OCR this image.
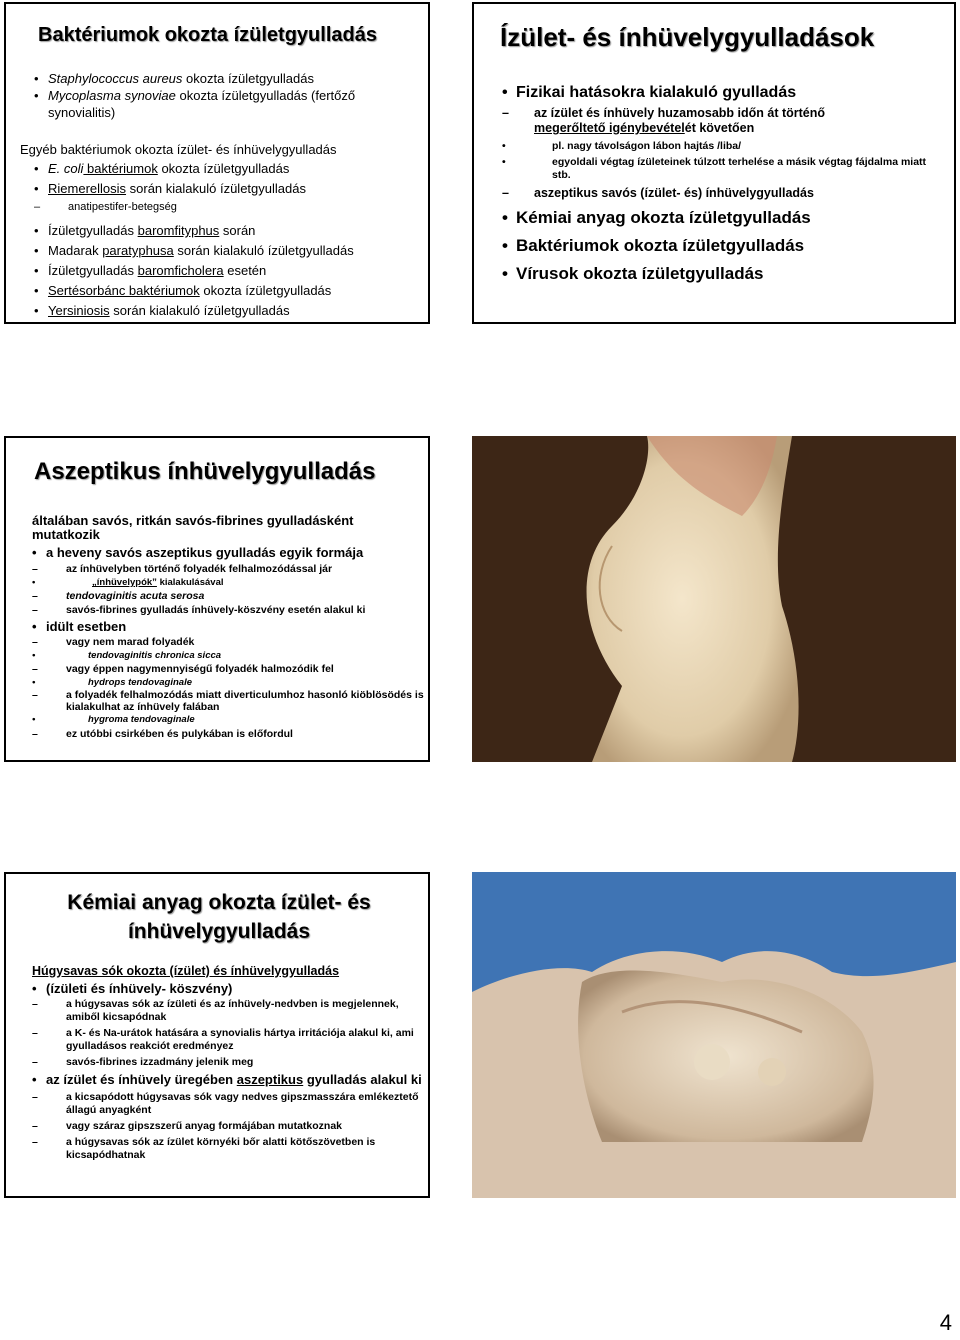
Baktériumok okozta ízületgyulladás
• Staphylococcus aureus okozta ízületgyulladás
• Mycoplasma synoviae okozta ízületgyulladás (fertőző synovialitis)
Egyéb baktériumok okozta ízület- és ínhüvelygyulladás
• E. coli baktériumok okozta ízületgyulladás
• Riemerellosis során kialakuló ízületgyulladás
– anatipestifer-betegség
• Ízületgyulladás baromfityphus során
• Madarak paratyphusa során kialakuló ízületgyulladás
• Ízületgyulladás baromficholera esetén
• Sertésorbánc baktériumok okozta ízületgyulladás
• Yersiniosis során kialakuló ízületgyulladás
Ízület- és ínhüvelygyulladások
• Fizikai hatásokra kialakuló gyulladás
– az ízület és ínhüvely huzamosabb időn át történő
megerőltető igénybevételét követően
• pl. nagy távolságon lábon hajtás /liba/
• egyoldali végtag ízületeinek túlzott terhelése a másik végtag fájdalma miatt stb.
– aszeptikus savós (ízület- és) ínhüvelygyulladás
• Kémiai anyag okozta ízületgyulladás
• Baktériumok okozta ízületgyulladás
• Vírusok okozta ízületgyulladás
Aszeptikus ínhüvelygyulladás
általában savós, ritkán savós-fibrines gyulladásként mutatkozik
• a heveny savós aszeptikus gyulladás egyik formája
– az ínhüvelyben történő folyadék felhalmozódással jár
• „ínhüvelypók” kialakulásával
– tendovaginitis acuta serosa
– savós-fibrines gyulladás ínhüvely-köszvény esetén alakul ki
• idült esetben
– vagy nem marad folyadék
• tendovaginitis chronica sicca
– vagy éppen nagymennyiségű folyadék halmozódik fel
• hydrops tendovaginale
– a folyadék felhalmozódás miatt diverticulumhoz hasonló kiöblösödés is kialakulhat az ínhüvely falában
• hygroma tendovaginale
– ez utóbbi csirkében és pulykában is előfordul
Kémiai anyag okozta ízület- és ínhüvelygyulladás
Húgysavas sók okozta (ízület) és ínhüvelygyulladás
• (ízületi és ínhüvely- köszvény)
– a húgysavas sók az ízületi és az ínhüvely-nedvben is megjelennek, amiből kicsapódnak
– a K- és Na-urátok hatására a synovialis hártya irritációja alakul ki, ami gyulladásos reakciót eredményez
– savós-fibrines izzadmány jelenik meg
• az ízület és ínhüvely üregében aszeptikus gyulladás alakul ki
– a kicsapódott húgysavas sók vagy nedves gipszmasszára emlékeztető állagú anyagként
– vagy száraz gipszszerű anyag formájában mutatkoznak
– a húgysavas sók az ízület környéki bőr alatti kötőszövetben is kicsapódhatnak
4
